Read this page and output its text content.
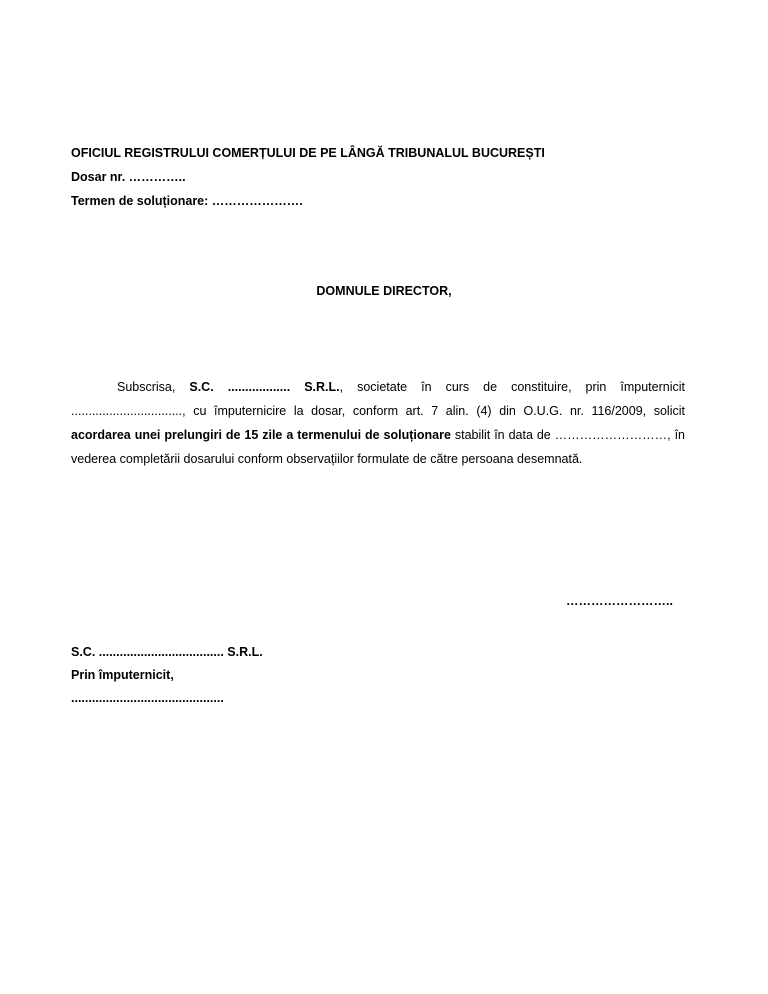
OFICIUL REGISTRULUI COMERȚULUI DE PE LÂNGĂ TRIBUNALUL BUCUREȘTI
Dosar nr. …………..
Termen de soluționare: ………………….
DOMNULE DIRECTOR,
Subscrisa, S.C. .................. S.R.L., societate în curs de constituire, prin împuternicit ................................, cu împuternicire la dosar, conform art. 7 alin. (4) din O.U.G. nr. 116/2009, solicit acordarea unei prelungiri de 15 zile a termenului de soluționare stabilit în data de ………………………, în vederea completării dosarului conform observațiilor formulate de către persoana desemnată.
……………………..
S.C. .................................... S.R.L.
Prin împuternicit,
............................................
